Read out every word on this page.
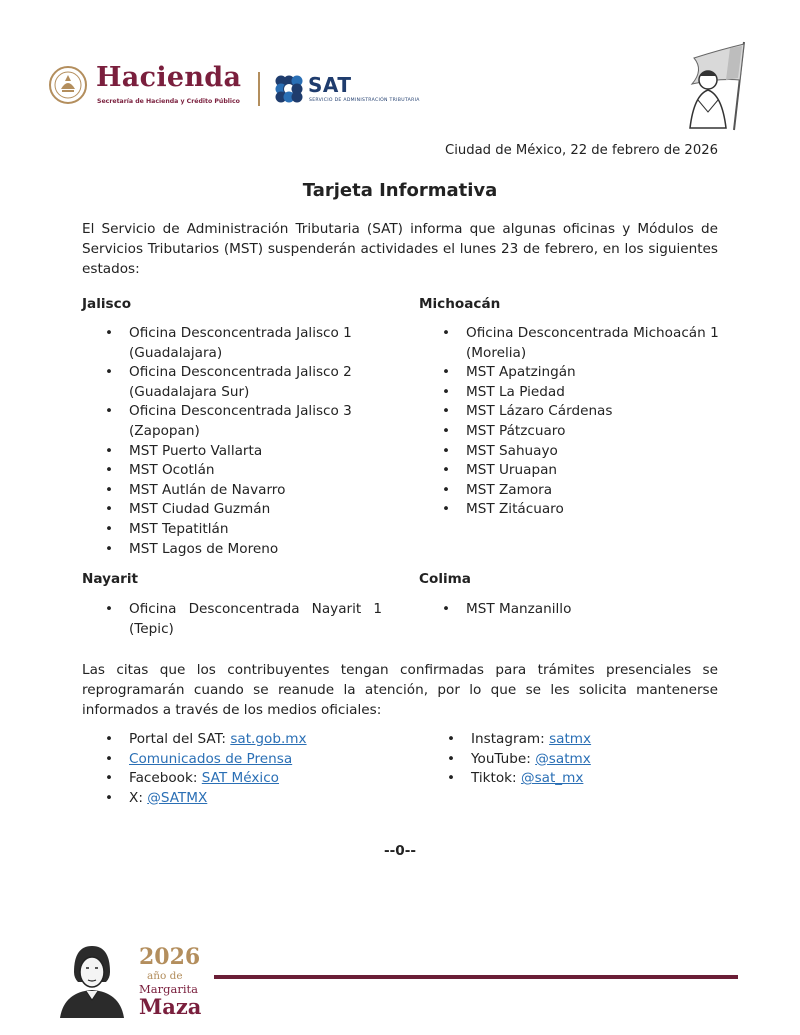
Hacienda
Secretaría de Hacienda y Crédito Público
SAT
SERVICIO DE ADMINISTRACIÓN TRIBUTARIA
Ciudad de México, 22 de febrero de 2026
Tarjeta Informativa
El Servicio de Administración Tributaria (SAT) informa que algunas oficinas y Módulos de Servicios Tributarios (MST) suspenderán actividades el lunes 23 de febrero, en los siguientes estados:
Jalisco
• Oficina Desconcentrada Jalisco 1 (Guadalajara)
• Oficina Desconcentrada Jalisco 2 (Guadalajara Sur)
• Oficina Desconcentrada Jalisco 3 (Zapopan)
• MST Puerto Vallarta
• MST Ocotlán
• MST Autlán de Navarro
• MST Ciudad Guzmán
• MST Tepatitlán
• MST Lagos de Moreno
Michoacán
• Oficina Desconcentrada Michoacán 1 (Morelia)
• MST Apatzingán
• MST La Piedad
• MST Lázaro Cárdenas
• MST Pátzcuaro
• MST Sahuayo
• MST Uruapan
• MST Zamora
• MST Zitácuaro
Nayarit
• Oficina Desconcentrada Nayarit 1 (Tepic)
Colima
• MST Manzanillo
Las citas que los contribuyentes tengan confirmadas para trámites presenciales se reprogramarán cuando se reanude la atención, por lo que se les solicita mantenerse informados a través de los medios oficiales:
• Portal del SAT: sat.gob.mx
• Comunicados de Prensa
• Facebook: SAT México
• X: @SATMX
• Instagram: satmx
• YouTube: @satmx
• Tiktok: @sat_mx
--0--
2026
año de
Margarita
Maza
